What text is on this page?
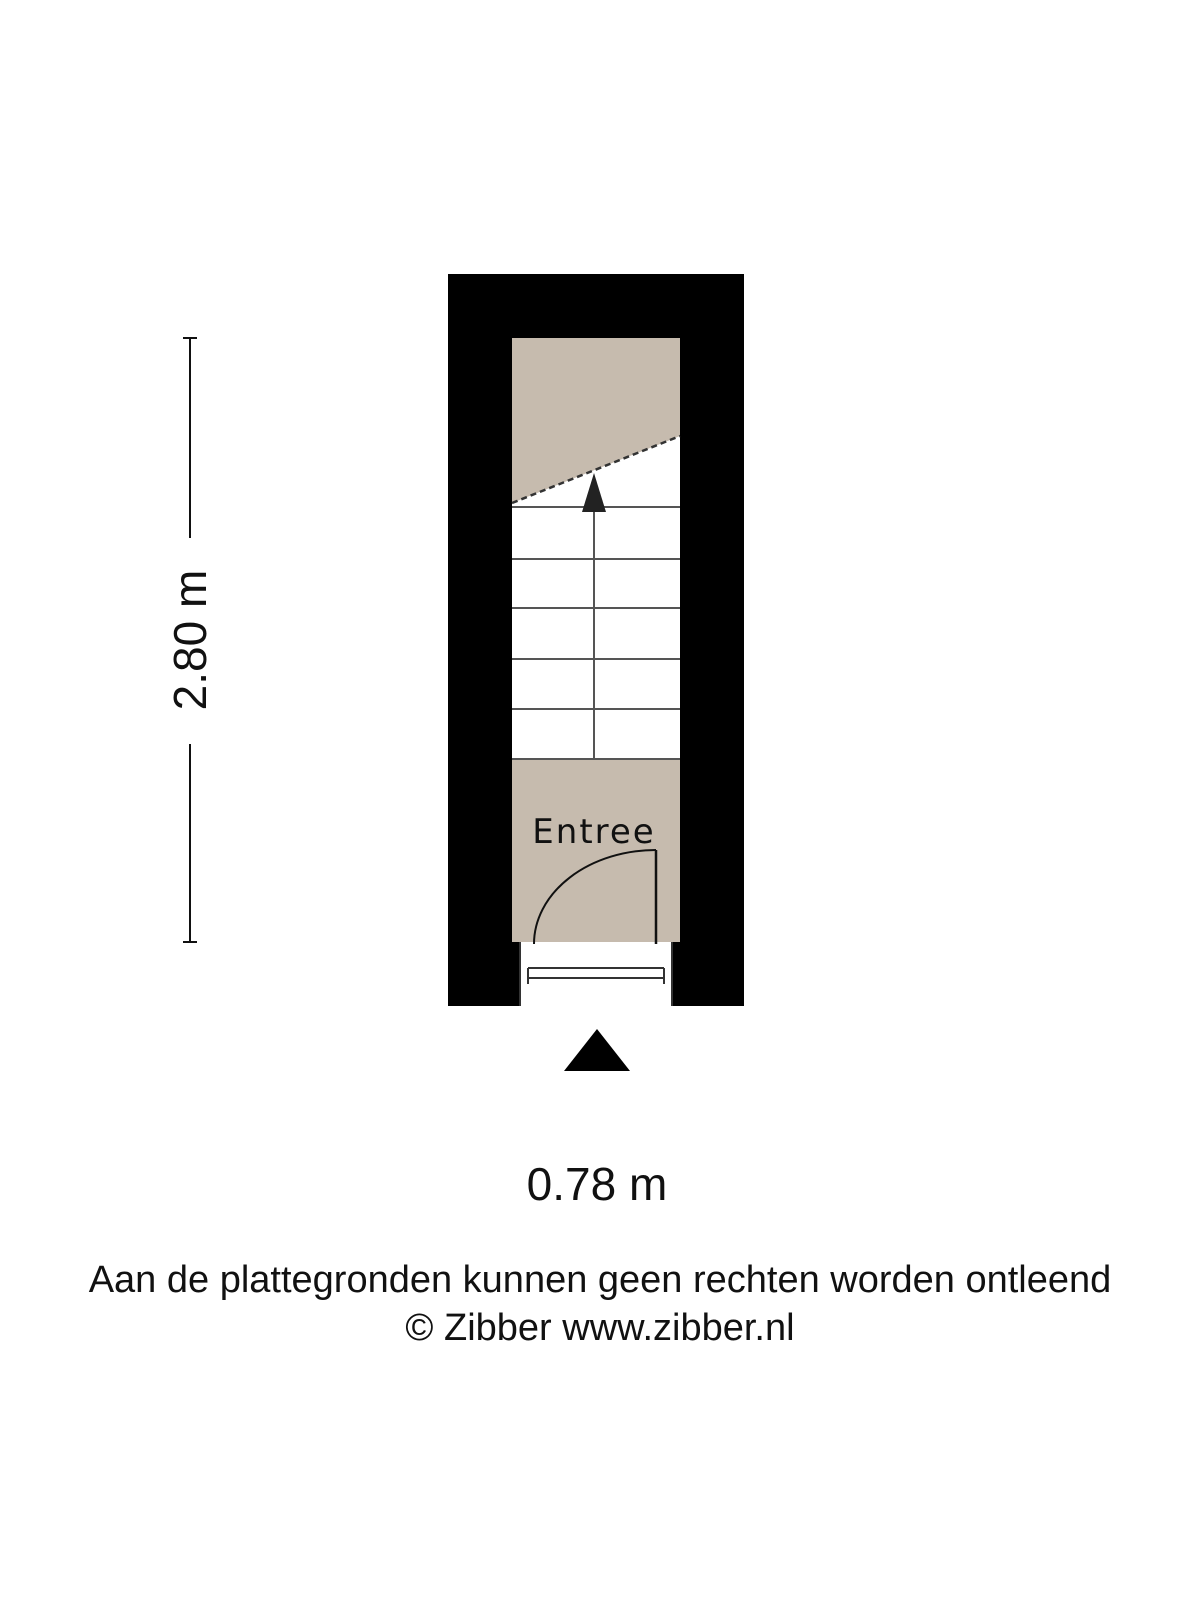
Entree
2.80 m
0.78 m
Aan de plattegronden kunnen geen rechten worden ontleend
© Zibber www.zibber.nl
